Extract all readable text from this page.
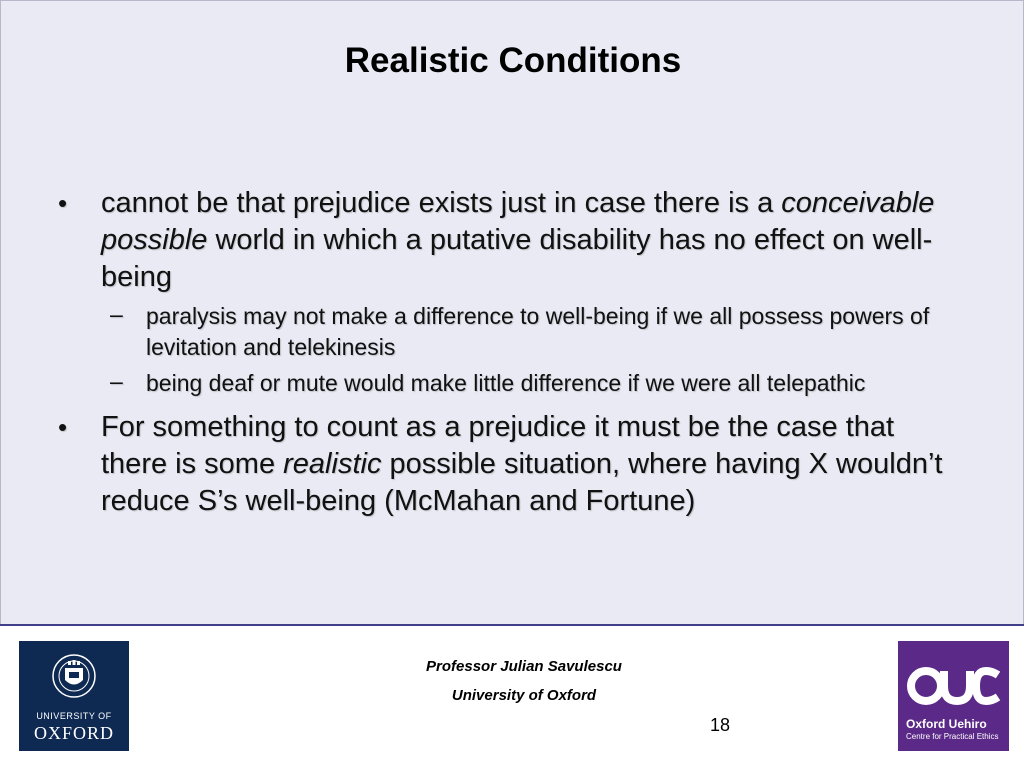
Realistic Conditions
• cannot be that prejudice exists just in case there is a conceivable possible world in which a putative disability has no effect on well-being
– paralysis may not make a difference to well-being if we all possess powers of levitation and telekinesis
– being deaf or mute would make little difference if we were all telepathic
• For something to count as a prejudice it must be the case that there is some realistic possible situation, where having X wouldn’t reduce S’s well-being (McMahan and Fortune)
UNIVERSITY OF
OXFORD
Professor Julian Savulescu
University of Oxford
18	Oxford Uehiro
Centre for Practical Ethics
